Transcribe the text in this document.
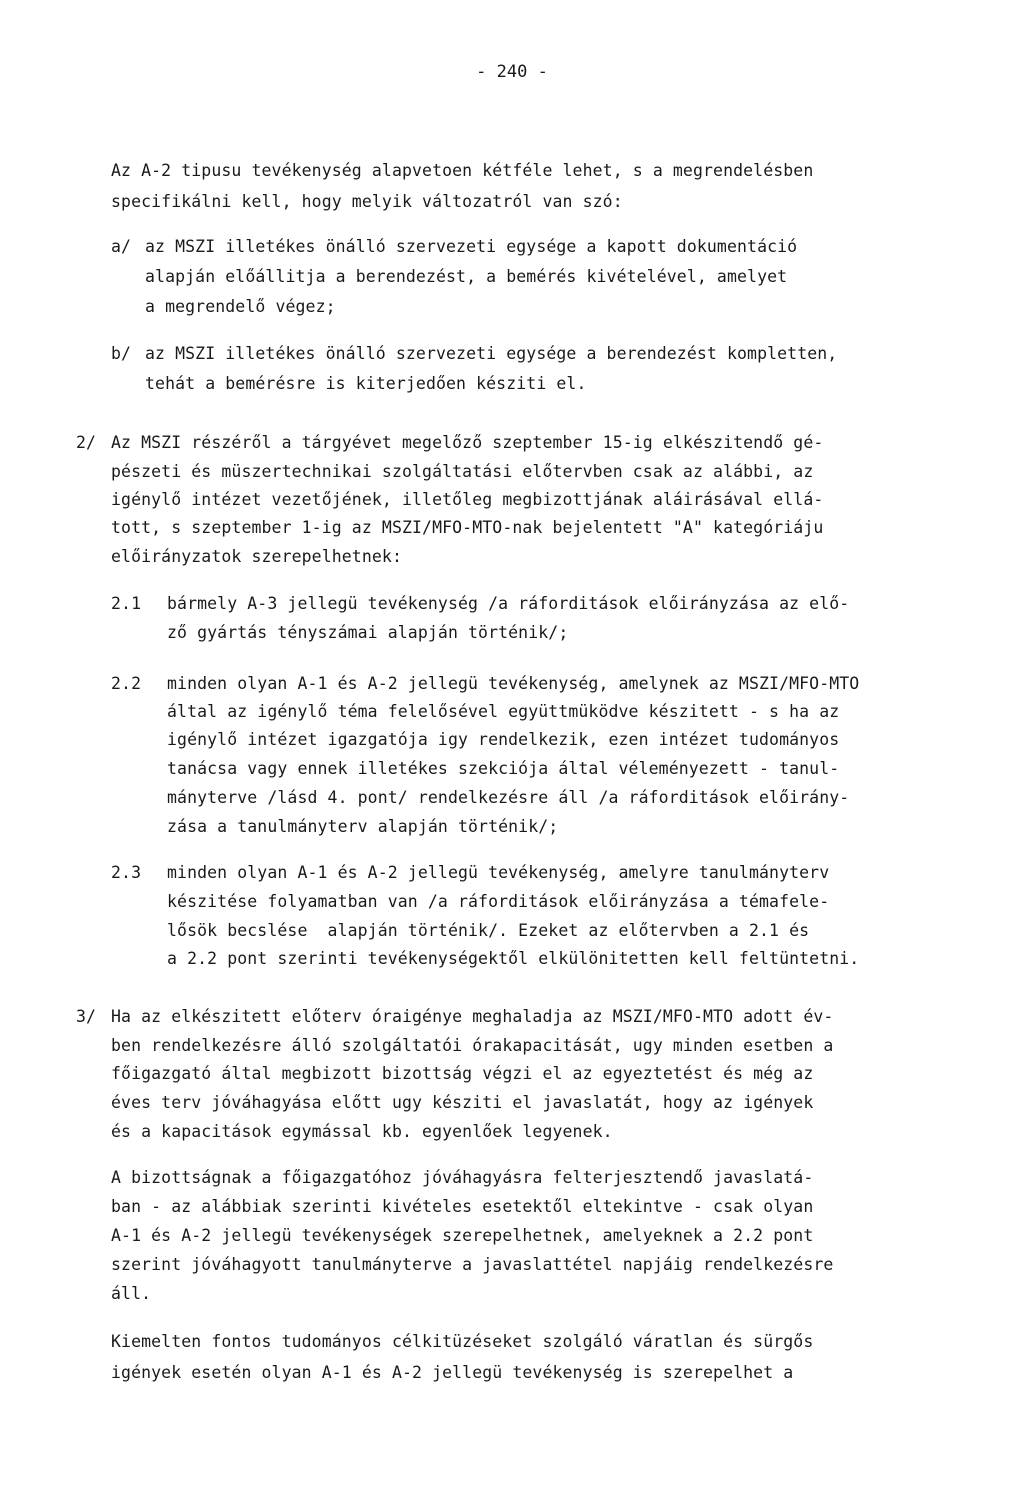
- 240 -
Az A-2 tipusu tevékenység alapvetoen kétféle lehet, s a megrendelésben
specifikálni kell, hogy melyik változatról van szó:
a/ az MSZI illetékes önálló szervezeti egysége a kapott dokumentáció
alapján előállitja a berendezést, a bemérés kivételével, amelyet
a megrendelő végez;
b/ az MSZI illetékes önálló szervezeti egysége a berendezést kompletten,
tehát a bemérésre is kiterjedően késziti el.
2/ Az MSZI részéről a tárgyévet megelőző szeptember 15-ig elkészitendő gé-
pészeti és müszertechnikai szolgáltatási előtervben csak az alábbi, az
igénylő intézet vezetőjének, illetőleg megbizottjának aláirásával ellá-
tott, s szeptember 1-ig az MSZI/MFO-MTO-nak bejelentett "A" kategóriáju
előirányzatok szerepelhetnek:
2.1 bármely A-3 jellegü tevékenység /a ráforditások előirányzása az elő-
ző gyártás tényszámai alapján történik/;
2.2 minden olyan A-1 és A-2 jellegü tevékenység, amelynek az MSZI/MFO-MTO
által az igénylő téma felelősével együttmüködve készitett - s ha az
igénylő intézet igazgatója igy rendelkezik, ezen intézet tudományos
tanácsa vagy ennek illetékes szekciója által véleményezett - tanul-
mányterve /lásd 4. pont/ rendelkezésre áll /a ráforditások előirány-
zása a tanulmányterv alapján történik/;
2.3 minden olyan A-1 és A-2 jellegü tevékenység, amelyre tanulmányterv
készitése folyamatban van /a ráforditások előirányzása a témafele-
lősök becslése  alapján történik/. Ezeket az előtervben a 2.1 és
a 2.2 pont szerinti tevékenységektől elkülönitetten kell feltüntetni.
3/ Ha az elkészitett előterv óraigénye meghaladja az MSZI/MFO-MTO adott év-
ben rendelkezésre álló szolgáltatói órakapacitását, ugy minden esetben a
főigazgató által megbizott bizottság végzi el az egyeztetést és még az
éves terv jóváhagyása előtt ugy késziti el javaslatát, hogy az igények
és a kapacitások egymással kb. egyenlőek legyenek.
A bizottságnak a főigazgatóhoz jóváhagyásra felterjesztendő javaslatá-
ban - az alábbiak szerinti kivételes esetektől eltekintve - csak olyan
A-1 és A-2 jellegü tevékenységek szerepelhetnek, amelyeknek a 2.2 pont
szerint jóváhagyott tanulmányterve a javaslattétel napjáig rendelkezésre
áll.
Kiemelten fontos tudományos célkitüzéseket szolgáló váratlan és sürgős
igények esetén olyan A-1 és A-2 jellegü tevékenység is szerepelhet a
